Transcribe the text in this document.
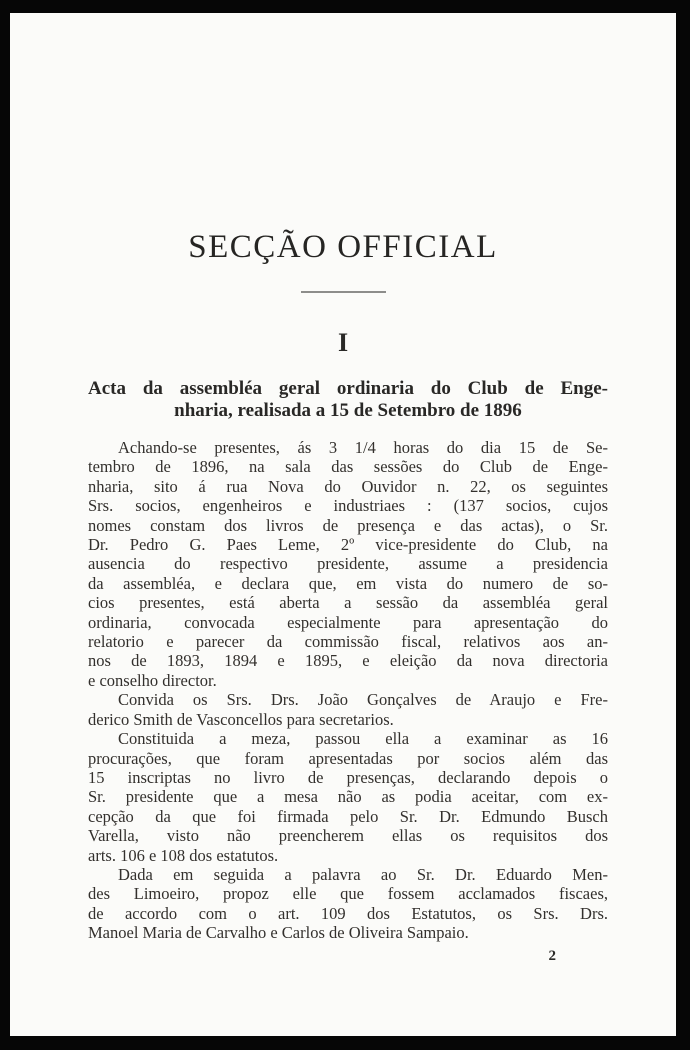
SECÇÃO OFFICIAL
I
Acta da assembléa geral ordinaria do Club de Enge-
nharia, realisada a 15 de Setembro de 1896
Achando-se presentes, ás 3 1/4 horas do dia 15 de Se-
tembro de 1896, na sala das sessões do Club de Enge-
nharia, sito á rua Nova do Ouvidor n. 22, os seguintes
Srs. socios, engenheiros e industriaes : (137 socios, cujos
nomes constam dos livros de presença e das actas), o Sr.
Dr. Pedro G. Paes Leme, 2º vice-presidente do Club, na
ausencia do respectivo presidente, assume a presidencia
da assembléa, e declara que, em vista do numero de so-
cios presentes, está aberta a sessão da assembléa geral
ordinaria, convocada especialmente para apresentação do
relatorio e parecer da commissão fiscal, relativos aos an-
nos de 1893, 1894 e 1895, e eleição da nova directoria
e conselho director.
Convida os Srs. Drs. João Gonçalves de Araujo e Fre-
derico Smith de Vasconcellos para secretarios.
Constituida a meza, passou ella a examinar as 16
procurações, que foram apresentadas por socios além das
15 inscriptas no livro de presenças, declarando depois o
Sr. presidente que a mesa não as podia aceitar, com ex-
cepção da que foi firmada pelo Sr. Dr. Edmundo Busch
Varella, visto não preencherem ellas os requisitos dos
arts. 106 e 108 dos estatutos.
Dada em seguida a palavra ao Sr. Dr. Eduardo Men-
des Limoeiro, propoz elle que fossem acclamados fiscaes,
de accordo com o art. 109 dos Estatutos, os Srs. Drs.
Manoel Maria de Carvalho e Carlos de Oliveira Sampaio.
2
